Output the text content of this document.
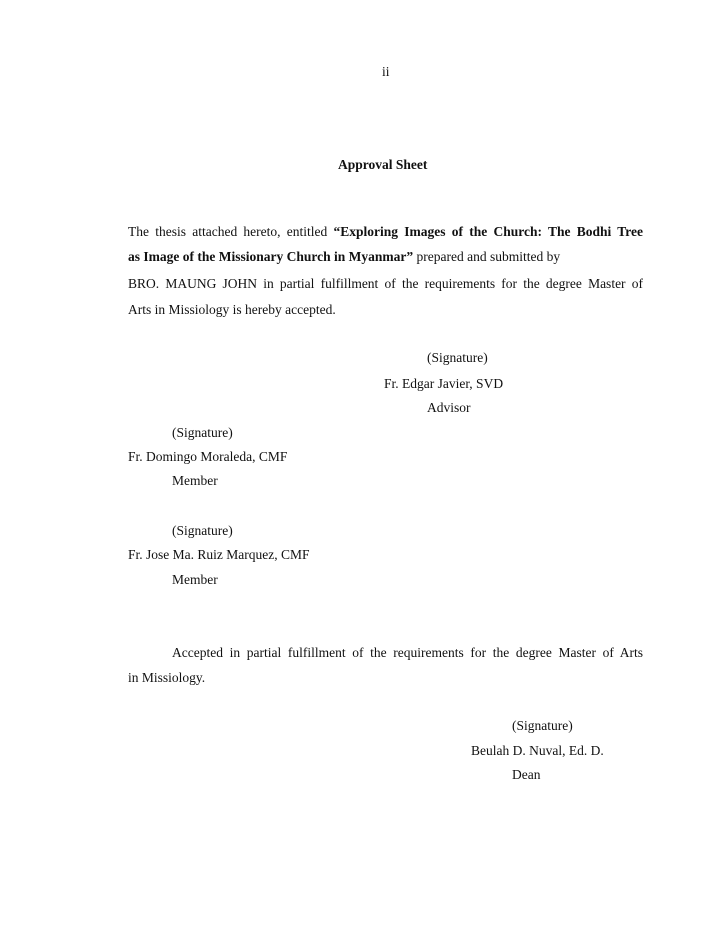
ii
Approval Sheet
The thesis attached hereto, entitled “Exploring Images of the Church: The Bodhi Tree
as Image of the Missionary Church in Myanmar” prepared and submitted by
BRO. MAUNG JOHN in partial fulfillment of the requirements for the degree Master of
Arts in Missiology is hereby accepted.
(Signature)
Fr. Edgar Javier, SVD
Advisor
(Signature)
Fr. Domingo Moraleda, CMF
Member
(Signature)
Fr. Jose Ma. Ruiz Marquez, CMF
Member
Accepted in partial fulfillment of the requirements for the degree Master of Arts
in Missiology.
(Signature)
Beulah D. Nuval, Ed. D.
Dean
